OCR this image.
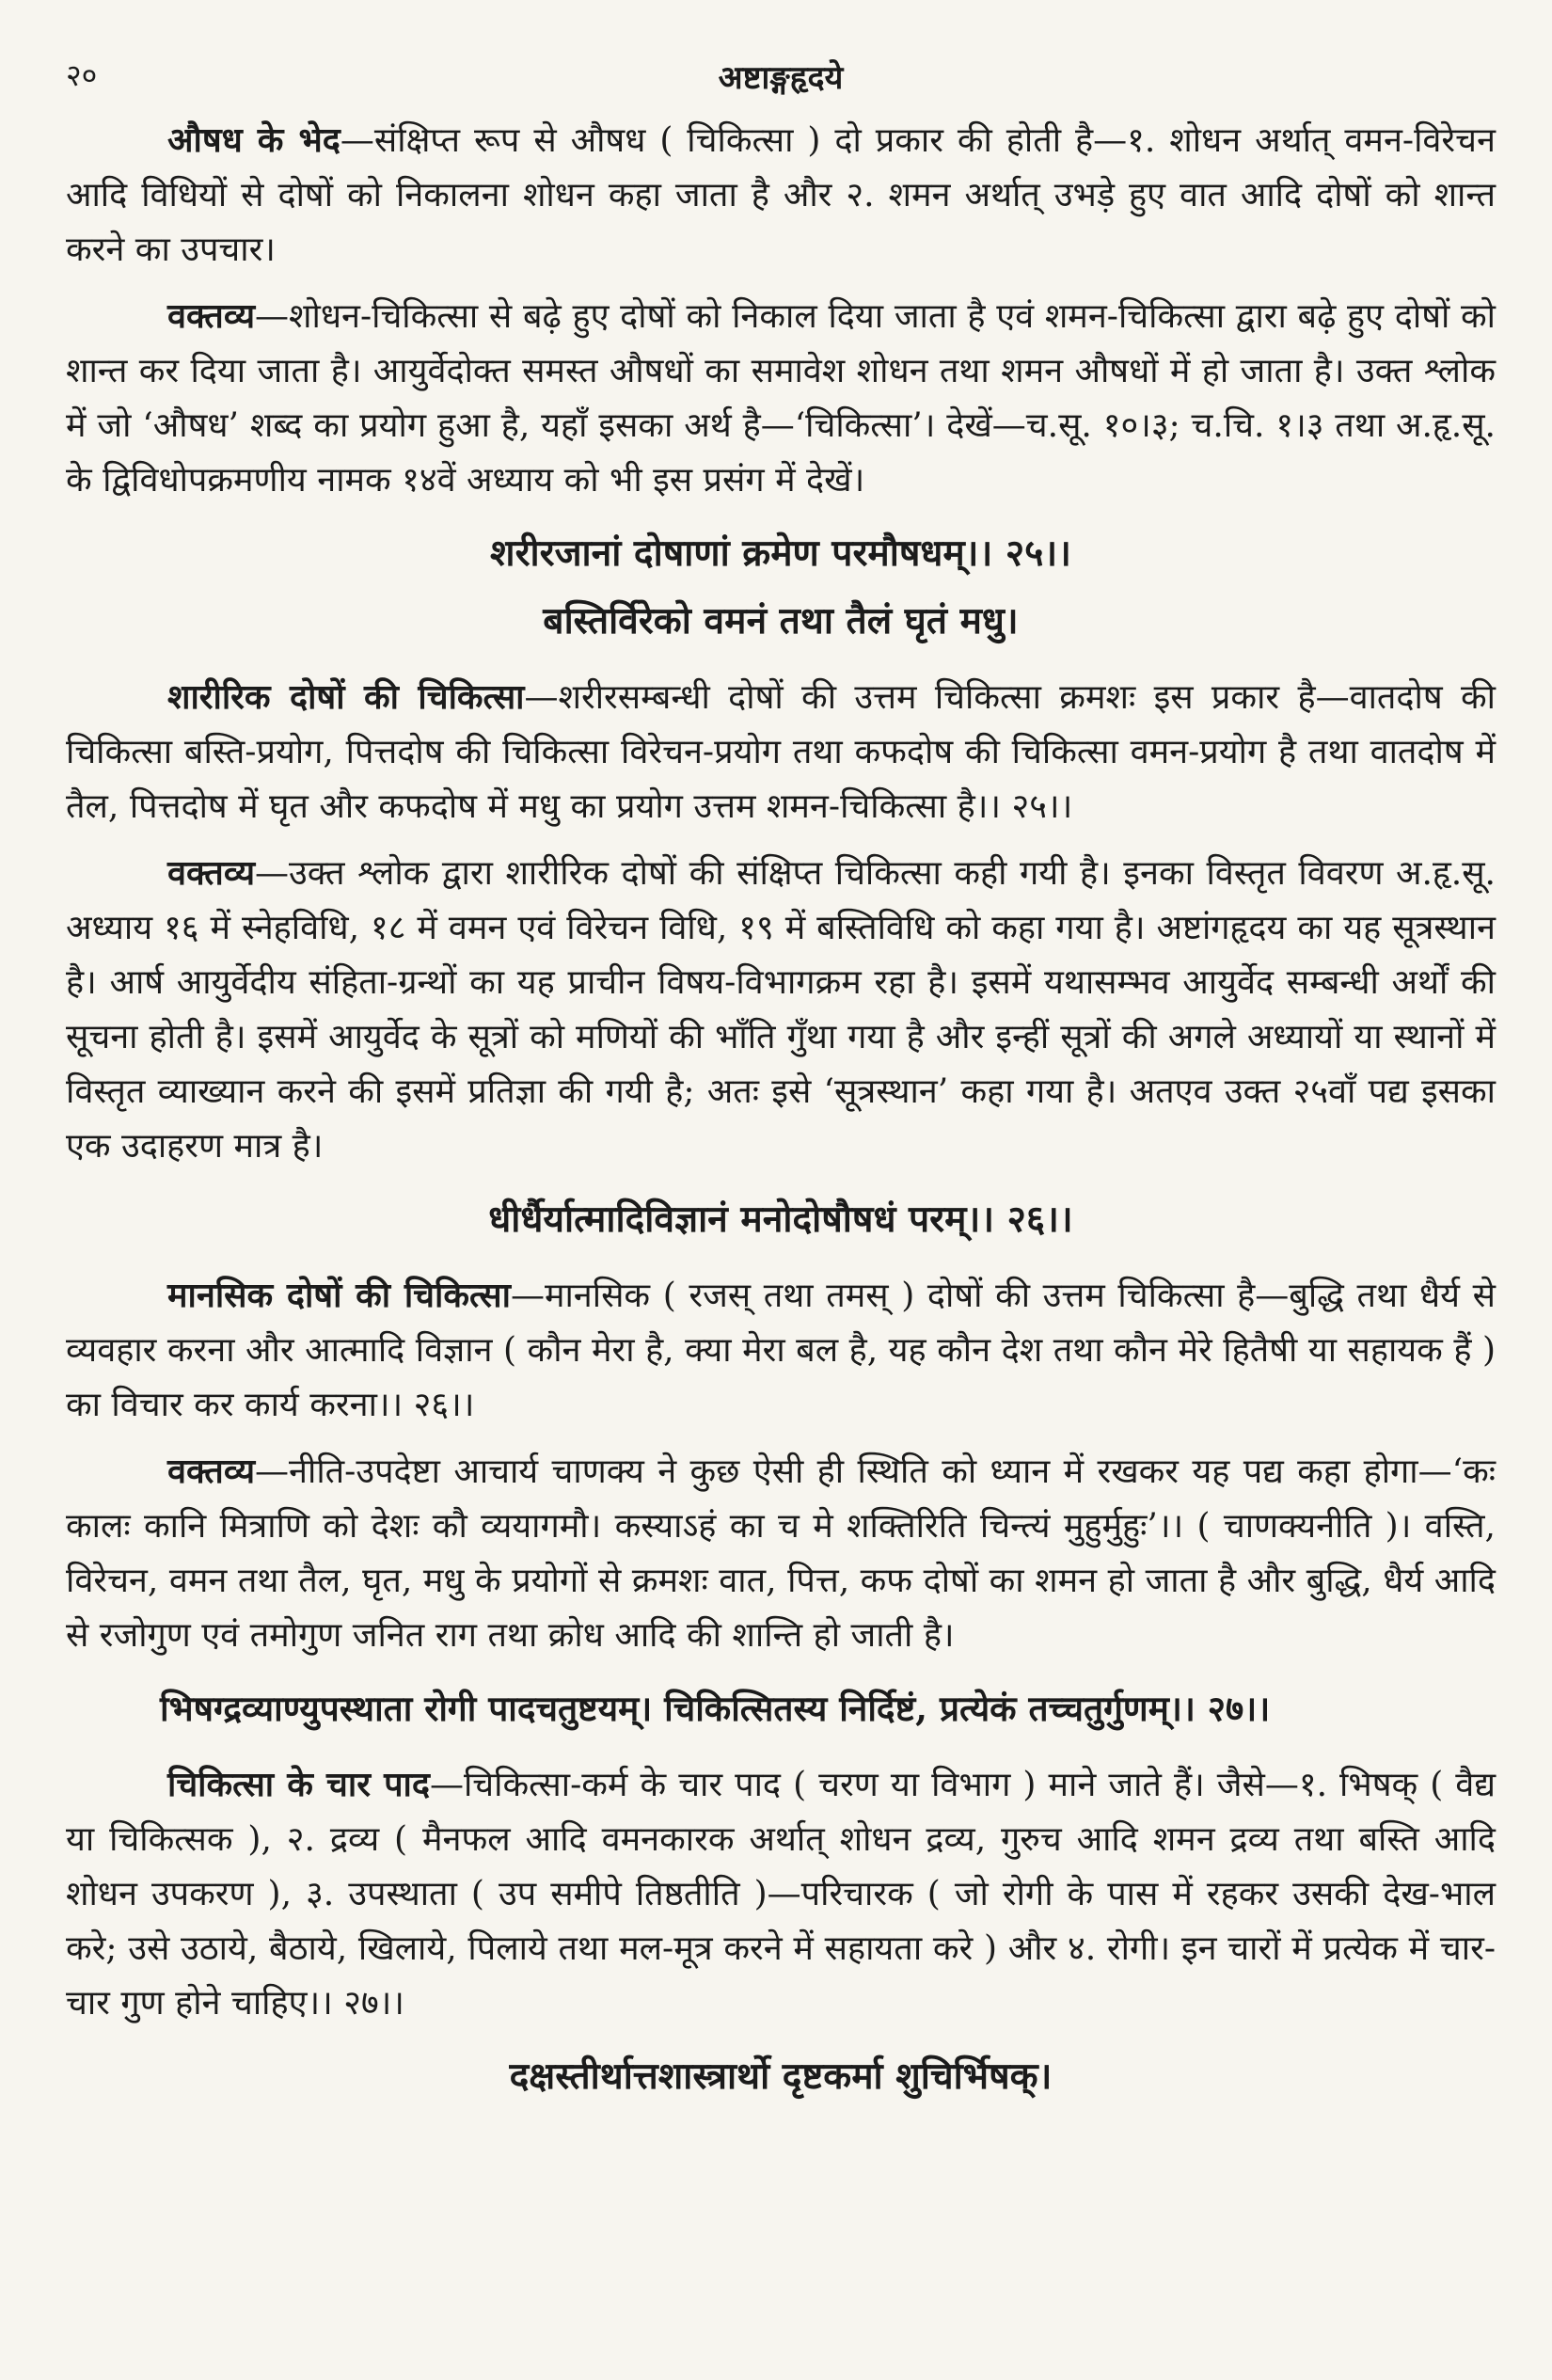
२०	अष्टाङ्गहृदये

औषध के भेद—संक्षिप्त रूप से औषध ( चिकित्सा ) दो प्रकार की होती है—१. शोधन अर्थात् वमन-विरेचन आदि विधियों से दोषों को निकालना शोधन कहा जाता है और २. शमन अर्थात् उभड़े हुए वात आदि दोषों को शान्त करने का उपचार।

वक्तव्य—शोधन-चिकित्सा से बढ़े हुए दोषों को निकाल दिया जाता है एवं शमन-चिकित्सा द्वारा बढ़े हुए दोषों को शान्त कर दिया जाता है। आयुर्वेदोक्त समस्त औषधों का समावेश शोधन तथा शमन औषधों में हो जाता है। उक्त श्लोक में जो ‘औषध’ शब्द का प्रयोग हुआ है, यहाँ इसका अर्थ है—‘चिकित्सा’। देखें—च.सू. १०।३; च.चि. १।३ तथा अ.हृ.सू. के द्विविधोपक्रमणीय नामक १४वें अध्याय को भी इस प्रसंग में देखें।

शरीरजानां दोषाणां क्रमेण परमौषधम्।। २५।।

बस्तिर्विरेको वमनं तथा तैलं घृतं मधु।

शारीरिक दोषों की चिकित्सा—शरीरसम्बन्धी दोषों की उत्तम चिकित्सा क्रमशः इस प्रकार है—वातदोष की चिकित्सा बस्ति-प्रयोग, पित्तदोष की चिकित्सा विरेचन-प्रयोग तथा कफदोष की चिकित्सा वमन-प्रयोग है तथा वातदोष में तैल, पित्तदोष में घृत और कफदोष में मधु का प्रयोग उत्तम शमन-चिकित्सा है।। २५।।

वक्तव्य—उक्त श्लोक द्वारा शारीरिक दोषों की संक्षिप्त चिकित्सा कही गयी है। इनका विस्तृत विवरण अ.हृ.सू. अध्याय १६ में स्नेहविधि, १८ में वमन एवं विरेचन विधि, १९ में बस्तिविधि को कहा गया है। अष्टांगहृदय का यह सूत्रस्थान है। आर्ष आयुर्वेदीय संहिता-ग्रन्थों का यह प्राचीन विषय-विभागक्रम रहा है। इसमें यथासम्भव आयुर्वेद सम्बन्धी अर्थों की सूचना होती है। इसमें आयुर्वेद के सूत्रों को मणियों की भाँति गुँथा गया है और इन्हीं सूत्रों की अगले अध्यायों या स्थानों में विस्तृत व्याख्यान करने की इसमें प्रतिज्ञा की गयी है; अतः इसे ‘सूत्रस्थान’ कहा गया है। अतएव उक्त २५वाँ पद्य इसका एक उदाहरण मात्र है।

धीर्धैर्यात्मादिविज्ञानं मनोदोषौषधं परम्।। २६।।

मानसिक दोषों की चिकित्सा—मानसिक ( रजस् तथा तमस् ) दोषों की उत्तम चिकित्सा है—बुद्धि तथा धैर्य से व्यवहार करना और आत्मादि विज्ञान ( कौन मेरा है, क्या मेरा बल है, यह कौन देश तथा कौन मेरे हितैषी या सहायक हैं ) का विचार कर कार्य करना।। २६।।

वक्तव्य—नीति-उपदेष्टा आचार्य चाणक्य ने कुछ ऐसी ही स्थिति को ध्यान में रखकर यह पद्य कहा होगा—‘कः कालः कानि मित्राणि को देशः कौ व्ययागमौ। कस्याऽहं का च मे शक्तिरिति चिन्त्यं मुहुर्मुहुः’।। ( चाणक्यनीति )। वस्ति, विरेचन, वमन तथा तैल, घृत, मधु के प्रयोगों से क्रमशः वात, पित्त, कफ दोषों का शमन हो जाता है और बुद्धि, धैर्य आदि से रजोगुण एवं तमोगुण जनित राग तथा क्रोध आदि की शान्ति हो जाती है।

भिषग्द्रव्याण्युपस्थाता रोगी पादचतुष्टयम्। चिकित्सितस्य निर्दिष्टं, प्रत्येकं तच्चतुर्गुणम्।। २७।।

चिकित्सा के चार पाद—चिकित्सा-कर्म के चार पाद ( चरण या विभाग ) माने जाते हैं। जैसे—१. भिषक् ( वैद्य या चिकित्सक ), २. द्रव्य ( मैनफल आदि वमनकारक अर्थात् शोधन द्रव्य, गुरुच आदि शमन द्रव्य तथा बस्ति आदि शोधन उपकरण ), ३. उपस्थाता ( उप समीपे तिष्ठतीति )—परिचारक ( जो रोगी के पास में रहकर उसकी देख-भाल करे; उसे उठाये, बैठाये, खिलाये, पिलाये तथा मल-मूत्र करने में सहायता करे ) और ४. रोगी। इन चारों में प्रत्येक में चार-चार गुण होने चाहिए।। २७।।

दक्षस्तीर्थात्तशास्त्रार्थो दृष्टकर्मा शुचिर्भिषक्।
